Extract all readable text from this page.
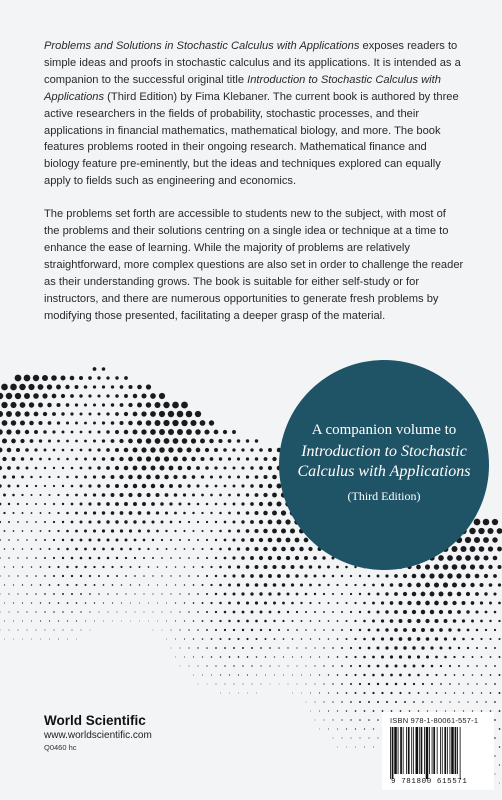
Problems and Solutions in Stochastic Calculus with Applications exposes readers to simple ideas and proofs in stochastic calculus and its applications. It is intended as a companion to the successful original title Introduction to Stochastic Calculus with Applications (Third Edition) by Fima Klebaner. The current book is authored by three active researchers in the fields of probability, stochastic processes, and their applications in financial mathematics, mathematical biology, and more. The book features problems rooted in their ongoing research. Mathematical finance and biology feature pre-eminently, but the ideas and techniques explored can equally apply to fields such as engineering and economics.

The problems set forth are accessible to students new to the subject, with most of the problems and their solutions centring on a single idea or technique at a time to enhance the ease of learning. While the majority of problems are relatively straightforward, more complex questions are also set in order to challenge the reader as their understanding grows. The book is suitable for either self-study or for instructors, and there are numerous opportunities to generate fresh problems by modifying those presented, facilitating a deeper grasp of the material.

A companion volume to
Introduction to Stochastic Calculus with Applications
(Third Edition)
World Scientific
www.worldscientific.com
Q0460 hc
ISBN 978-1-80061-557-1
9 781800 615571
